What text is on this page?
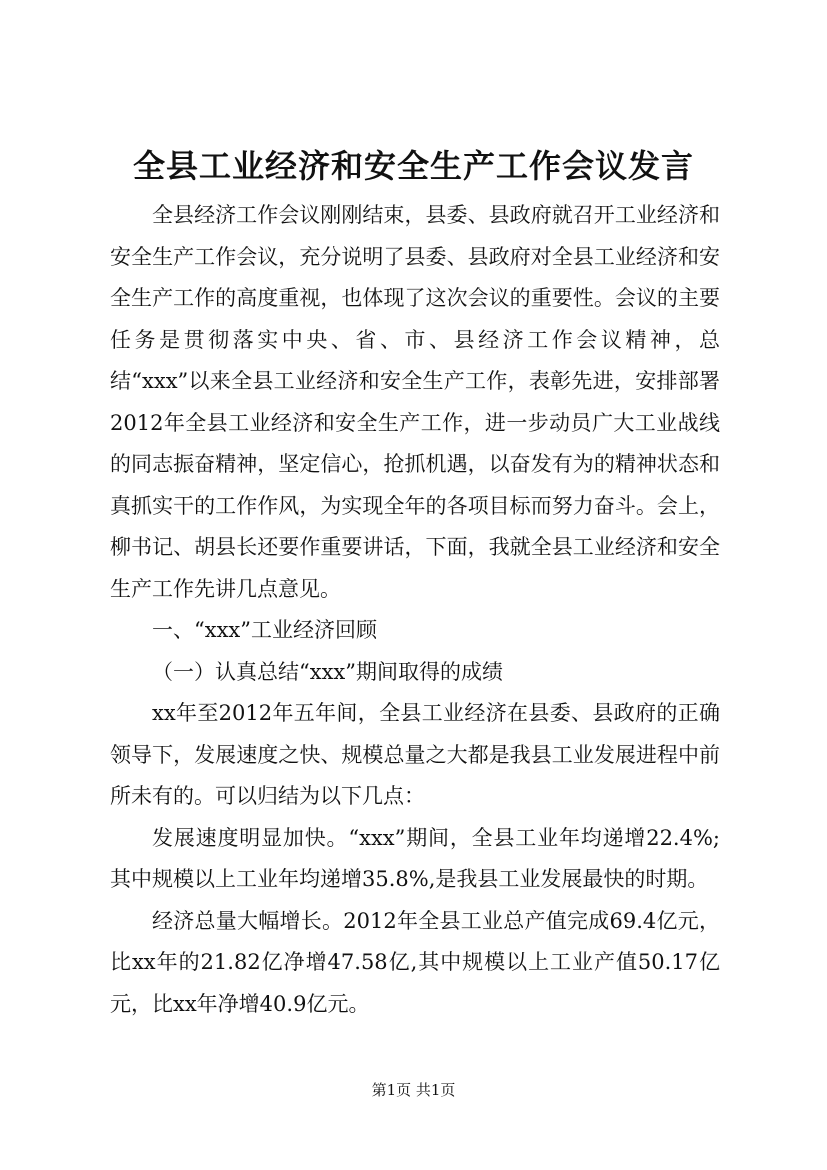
全县工业经济和安全生产工作会议发言

全县经济工作会议刚刚结束，县委、县政府就召开工业经济和安全生产工作会议，充分说明了县委、县政府对全县工业经济和安全生产工作的高度重视，也体现了这次会议的重要性。会议的主要任务是贯彻落实中央、省、市、县经济工作会议精神，总结“xxx”以来全县工业经济和安全生产工作，表彰先进，安排部署2012年全县工业经济和安全生产工作，进一步动员广大工业战线的同志振奋精神，坚定信心，抢抓机遇，以奋发有为的精神状态和真抓实干的工作作风，为实现全年的各项目标而努力奋斗。会上，柳书记、胡县长还要作重要讲话，下面，我就全县工业经济和安全生产工作先讲几点意见。

一、“xxx”工业经济回顾

（一）认真总结“xxx”期间取得的成绩

xx年至2012年五年间，全县工业经济在县委、县政府的正确领导下，发展速度之快、规模总量之大都是我县工业发展进程中前所未有的。可以归结为以下几点：

发展速度明显加快。“xxx”期间，全县工业年均递增22.4%;其中规模以上工业年均递增35.8%,是我县工业发展最快的时期。

经济总量大幅增长。2012年全县工业总产值完成69.4亿元，比xx年的21.82亿净增47.58亿,其中规模以上工业产值50.17亿元，比xx年净增40.9亿元。

第1页 共1页
